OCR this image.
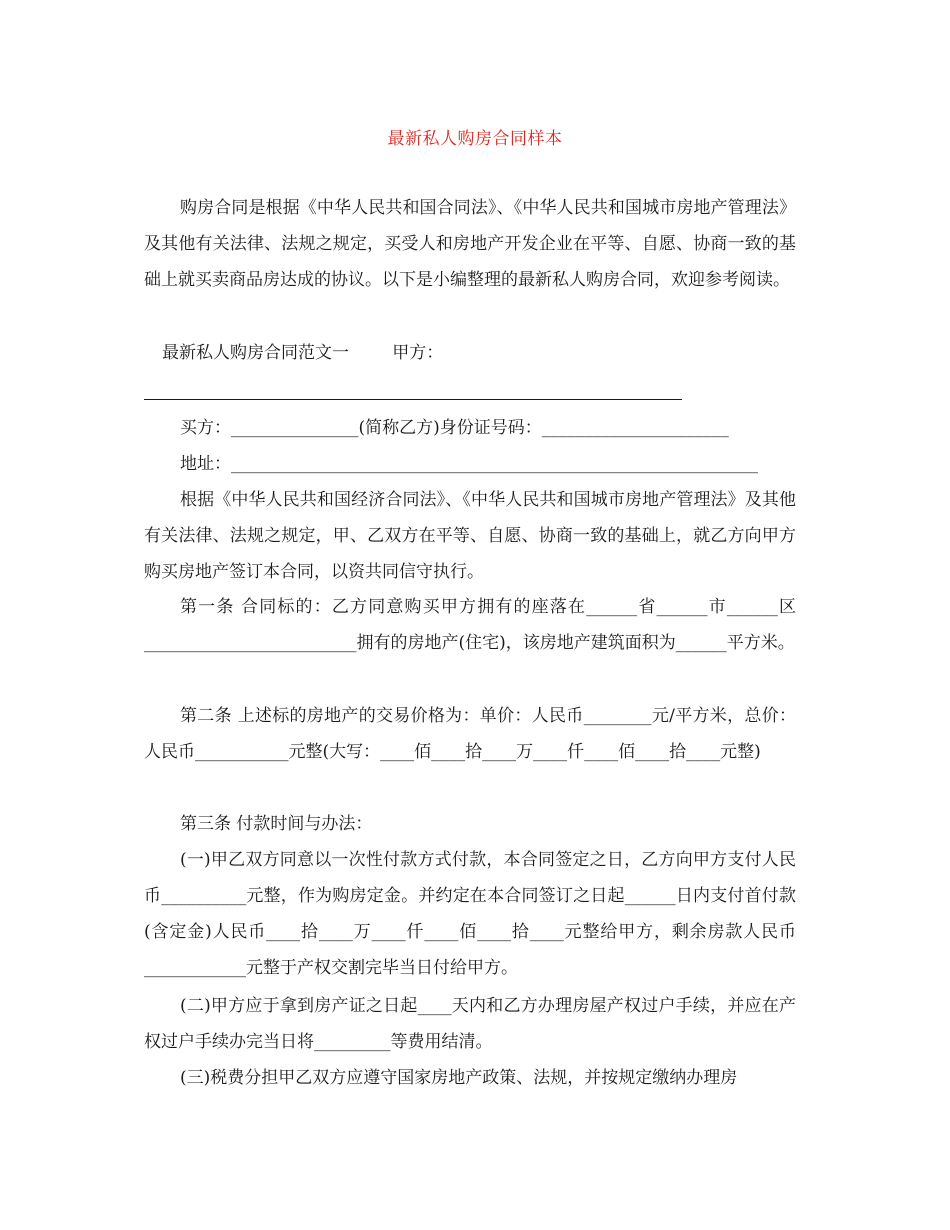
最新私人购房合同样本
购房合同是根据《中华人民共和国合同法》、《中华人民共和国城市房地产管理法》及其他有关法律、法规之规定，买受人和房地产开发企业在平等、自愿、协商一致的基础上就买卖商品房达成的协议。以下是小编整理的最新私人购房合同，欢迎参考阅读。
最新私人购房合同范文一        甲方：
买方：_______________(简称乙方)身份证号码：______________________
地址：______________________________________________________________
根据《中华人民共和国经济合同法》、《中华人民共和国城市房地产管理法》及其他有关法律、法规之规定，甲、乙双方在平等、自愿、协商一致的基础上，就乙方向甲方购买房地产签订本合同，以资共同信守执行。
第一条 合同标的：乙方同意购买甲方拥有的座落在______省______市______区_________________________拥有的房地产(住宅)，该房地产建筑面积为______平方米。
第二条 上述标的房地产的交易价格为：单价：人民币________元/平方米，总价：人民币___________元整(大写：____佰____拾____万____仟____佰____拾____元整)
第三条 付款时间与办法：
(一)甲乙双方同意以一次性付款方式付款，本合同签定之日，乙方向甲方支付人民币__________元整，作为购房定金。并约定在本合同签订之日起______日内支付首付款(含定金)人民币____拾____万____仟____佰____拾____元整给甲方，剩余房款人民币____________元整于产权交割完毕当日付给甲方。
(二)甲方应于拿到房产证之日起____天内和乙方办理房屋产权过户手续，并应在产权过户手续办完当日将_________等费用结清。
(三)税费分担甲乙双方应遵守国家房地产政策、法规，并按规定缴纳办理房
